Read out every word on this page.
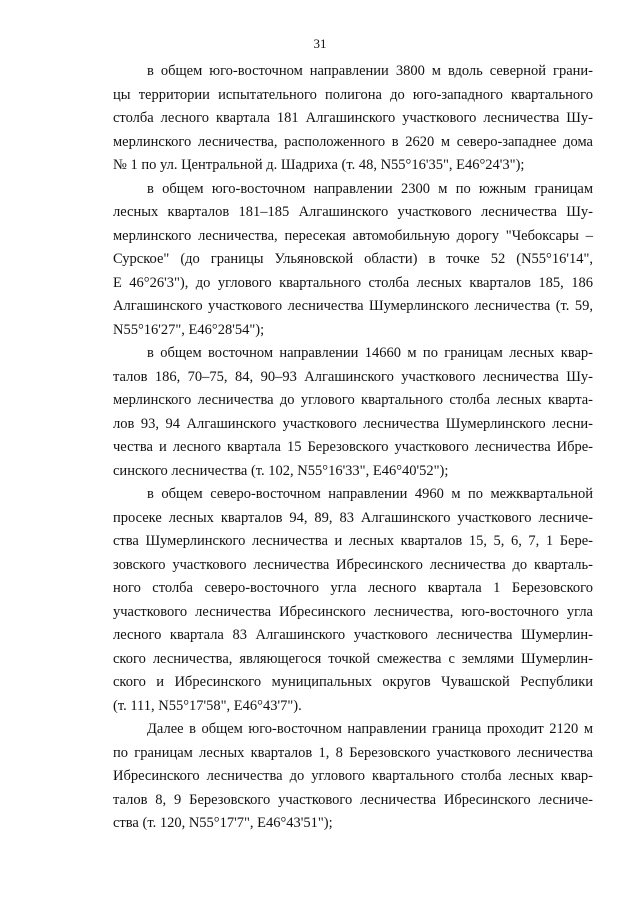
31
в общем юго-восточном направлении 3800 м вдоль северной грани-
цы территории испытательного полигона до юго-западного квартального
столба лесного квартала 181 Алгашинского участкового лесничества Шу-
мерлинского лесничества, расположенного в 2620 м северо-западнее дома
№ 1 по ул. Центральной д. Шадриха (т. 48, N55°16'35", E46°24'3");
в общем юго-восточном направлении 2300 м по южным границам
лесных кварталов 181–185 Алгашинского участкового лесничества Шу-
мерлинского лесничества, пересекая автомобильную дорогу "Чебоксары –
Сурское" (до границы Ульяновской области) в точке 52 (N55°16'14",
E 46°26'3"), до углового квартального столба лесных кварталов 185, 186
Алгашинского участкового лесничества Шумерлинского лесничества (т. 59,
N55°16'27", E46°28'54");
в общем восточном направлении 14660 м по границам лесных квар-
талов 186, 70–75, 84, 90–93 Алгашинского участкового лесничества Шу-
мерлинского лесничества до углового квартального столба лесных кварта-
лов 93, 94 Алгашинского участкового лесничества Шумерлинского лесни-
чества и лесного квартала 15 Березовского участкового лесничества Ибре-
синского лесничества (т. 102, N55°16'33", E46°40'52");
в общем северо-восточном направлении 4960 м по межквартальной
просеке лесных кварталов 94, 89, 83 Алгашинского участкового лесниче-
ства Шумерлинского лесничества и лесных кварталов 15, 5, 6, 7, 1 Бере-
зовского участкового лесничества Ибресинского лесничества до кварталь-
ного столба северо-восточного угла лесного квартала 1 Березовского
участкового лесничества Ибресинского лесничества, юго-восточного угла
лесного квартала 83 Алгашинского участкового лесничества Шумерлин-
ского лесничества, являющегося точкой смежества с землями Шумерлин-
ского и Ибресинского муниципальных округов Чувашской Республики
(т. 111, N55°17'58", E46°43'7").
Далее в общем юго-восточном направлении граница проходит 2120 м
по границам лесных кварталов 1, 8 Березовского участкового лесничества
Ибресинского лесничества до углового квартального столба лесных квар-
талов 8, 9 Березовского участкового лесничества Ибресинского лесниче-
ства (т. 120, N55°17'7", E46°43'51");
